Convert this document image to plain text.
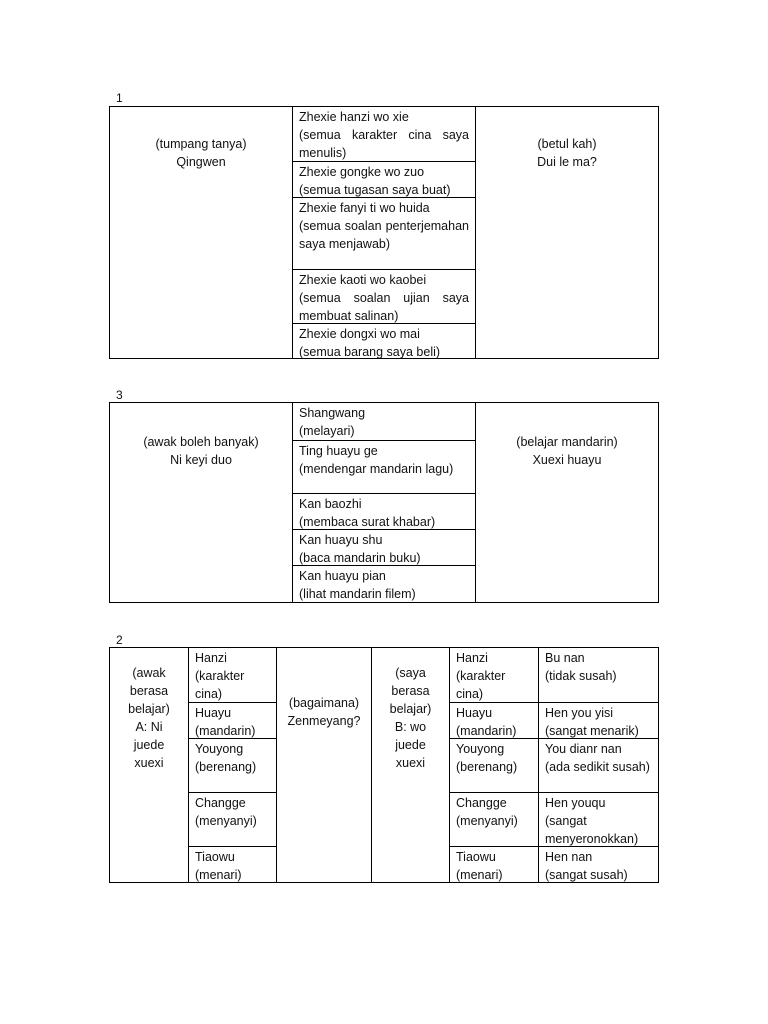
1
(tumpang tanya)
Qingwen
Zhexie hanzi wo xie
(semua karakter cina saya menulis)
Zhexie gongke wo zuo
(semua tugasan saya buat)
Zhexie fanyi ti wo huida
(semua soalan penterjemahan saya menjawab)
Zhexie kaoti wo kaobei
(semua soalan ujian saya membuat salinan)
Zhexie dongxi wo mai
(semua barang saya beli)
(betul kah)
Dui le ma?
3
(awak boleh banyak)
Ni keyi duo
Shangwang
(melayari)
Ting huayu ge
(mendengar mandarin lagu)
Kan baozhi
(membaca surat khabar)
Kan huayu shu
(baca mandarin buku)
Kan huayu pian
(lihat mandarin filem)
(belajar mandarin)
Xuexi huayu
2
(awak
berasa
belajar)
A: Ni
juede
xuexi
Hanzi
(karakter cina)
Huayu
(mandarin)
Youyong
(berenang)
Changge
(menyanyi)
Tiaowu
(menari)
(bagaimana)
Zenmeyang?
(saya
berasa
belajar)
B: wo
juede
xuexi
Hanzi
(karakter cina)
Huayu
(mandarin)
Youyong
(berenang)
Changge
(menyanyi)
Tiaowu
(menari)
Bu nan
(tidak susah)
Hen you yisi
(sangat menarik)
You dianr nan
(ada sedikit susah)
Hen youqu
(sangat menyeronokkan)
Hen nan
(sangat susah)
